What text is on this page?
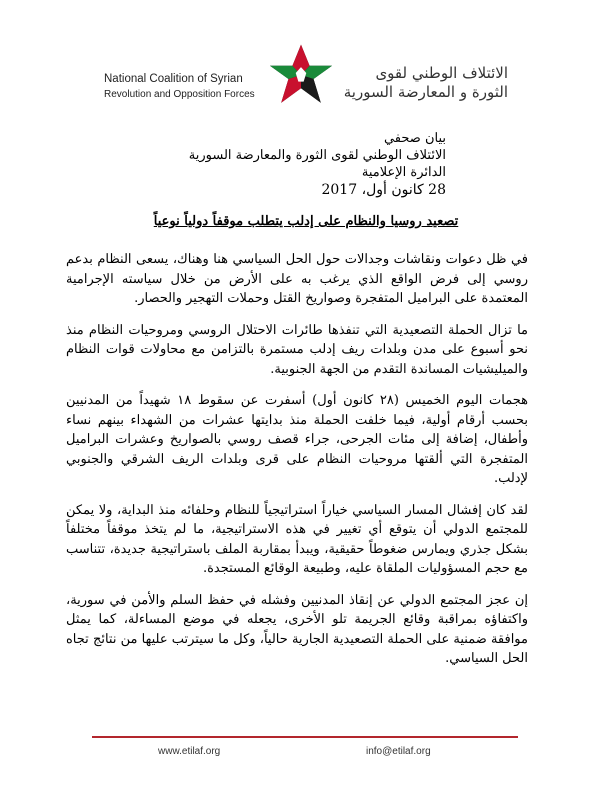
National Coalition of Syrian
Revolution and Opposition Forces
الائتلاف الوطني لقوى
الثورة و المعارضة السورية
بيان صحفي
الائتلاف الوطني لقوى الثورة والمعارضة السورية
الدائرة الإعلامية
28 كانون أول، 2017
تصعيد روسيا والنظام على إدلب يتطلب موقفاً دولياً نوعياً

في ظل دعوات ونقاشات وجدالات حول الحل السياسي هنا وهناك، يسعى النظام بدعم روسي إلى فرض الواقع الذي يرغب به على الأرض من خلال سياسته الإجرامية المعتمدة على البراميل المتفجرة وصواريخ القتل وحملات التهجير والحصار.

ما تزال الحملة التصعيدية التي تنفذها طائرات الاحتلال الروسي ومروحيات النظام منذ نحو أسبوع على مدن وبلدات ريف إدلب مستمرة بالتزامن مع محاولات قوات النظام والميليشيات المساندة التقدم من الجهة الجنوبية.

هجمات اليوم الخميس (٢٨ كانون أول) أسفرت عن سقوط ١٨ شهيداً من المدنيين بحسب أرقام أولية، فيما خلفت الحملة منذ بدايتها عشرات من الشهداء بينهم نساء وأطفال، إضافة إلى مئات الجرحى، جراء قصف روسي بالصواريخ وعشرات البراميل المتفجرة التي ألقتها مروحيات النظام على قرى وبلدات الريف الشرقي والجنوبي لإدلب.

لقد كان إفشال المسار السياسي خياراً استراتيجياً للنظام وحلفائه منذ البداية، ولا يمكن للمجتمع الدولي أن يتوقع أي تغيير في هذه الاستراتيجية، ما لم يتخذ موقفاً مختلفاً بشكل جذري ويمارس ضغوطاً حقيقية، ويبدأ بمقاربة الملف باستراتيجية جديدة، تتناسب مع حجم المسؤوليات الملقاة عليه، وطبيعة الوقائع المستجدة.

إن عجز المجتمع الدولي عن إنقاذ المدنيين وفشله في حفظ السلم والأمن في سورية، واكتفاؤه بمراقبة وقائع الجريمة تلو الأخرى، يجعله في موضع المساءلة، كما يمثل موافقة ضمنية على الحملة التصعيدية الجارية حالياً، وكل ما سيترتب عليها من نتائج تجاه الحل السياسي.

www.etilaf.org	info@etilaf.org
